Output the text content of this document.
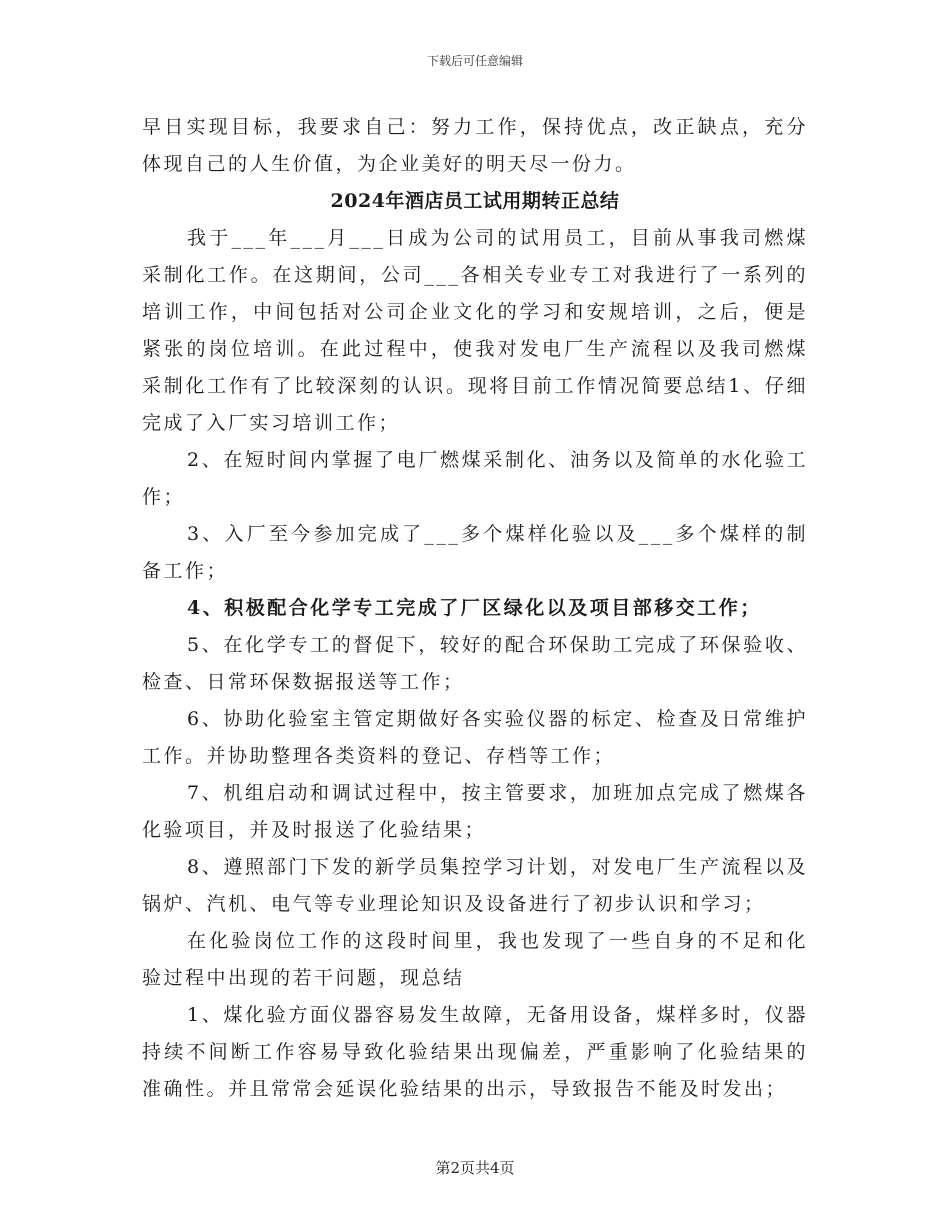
下载后可任意编辑

早日实现目标，我要求自己：努力工作，保持优点，改正缺点，充分体现自己的人生价值，为企业美好的明天尽一份力。

2024年酒店员工试用期转正总结

我于___年___月___日成为公司的试用员工，目前从事我司燃煤采制化工作。在这期间，公司___各相关专业专工对我进行了一系列的培训工作，中间包括对公司企业文化的学习和安规培训，之后，便是紧张的岗位培训。在此过程中，使我对发电厂生产流程以及我司燃煤采制化工作有了比较深刻的认识。现将目前工作情况简要总结1、仔细完成了入厂实习培训工作；

2、在短时间内掌握了电厂燃煤采制化、油务以及简单的水化验工作；

3、入厂至今参加完成了___多个煤样化验以及___多个煤样的制备工作；

4、积极配合化学专工完成了厂区绿化以及项目部移交工作；

5、在化学专工的督促下，较好的配合环保助工完成了环保验收、检查、日常环保数据报送等工作；

6、协助化验室主管定期做好各实验仪器的标定、检查及日常维护工作。并协助整理各类资料的登记、存档等工作；

7、机组启动和调试过程中，按主管要求，加班加点完成了燃煤各化验项目，并及时报送了化验结果；

8、遵照部门下发的新学员集控学习计划，对发电厂生产流程以及锅炉、汽机、电气等专业理论知识及设备进行了初步认识和学习；

在化验岗位工作的这段时间里，我也发现了一些自身的不足和化验过程中出现的若干问题，现总结

1、煤化验方面仪器容易发生故障，无备用设备，煤样多时，仪器持续不间断工作容易导致化验结果出现偏差，严重影响了化验结果的准确性。并且常常会延误化验结果的出示，导致报告不能及时发出；

第2页共4页
